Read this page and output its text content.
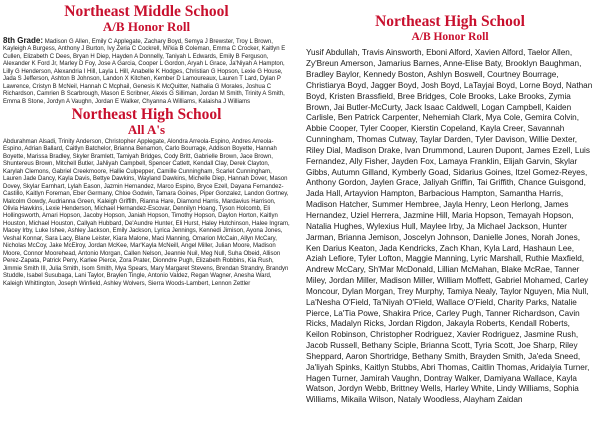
Northeast Middle School
A/B Honor Roll

8th Grade: Madison G Allen, Emily C Applegate, Zachary Boyd, Semya J Brewster, Troy L Brown, Kayleigh A Burgess, Anthony J Burton, Ivy Zeria C Cockrell, Mi'kia B Coleman, Emma C Crocker, Kaitlyn E Cullen, Elizabeth C Dees, Bryan H Diep, Hayden A Donnelly, Taniyah L Edwards, Emily B Ferguson, Alexander K Ford Jr, Marley D Foy, Jose A Garcia, Cooper L Gordon, Aryah L Grace, Ja'Niyah A Hampton, Lilly G Henderson, Alexandria I Hill, Layla L Hill, Anabelle K Hodges, Christian G Hopson, Lexie G House, Jada S Jefferson, Ashton B Johnson, Landon X Kitchen, Kember D Lamoureaux, Lauren T Lard, Dylan P Lawrence, Cristyn B McNeil, Hannah C Mcphail, Genesis K McQuitter, Nathalia G Morales, Joshua C Richardson, Camrien B Scarbrough, Mason E Scribner, Alexis G Silliman, Jordan M Smith, Trinity A Smith, Emma B Stone, Jordyn A Vaughn, Jordan E Walker, Chyanna A Williams, Kalaisha J Williams

Northeast High School
All A's

Abdurahman Alsadi, Trinity Anderson, Christopher Applegate, Alondra Arreola-Espino, Andres Arreola-Espino, Adrian Ballard, Caitlyn Batchelor, Brianna Benamon, Carlo Bourrage, Addison Boyette, Hannah Boyette, Marissa Bradley, Skyler Bramlett, Tamiyah Bridges, Cody Britt, Gabrielle Brown, Jace Brown, Shuntereus Brown, Mitchell Butler, JaNiyah Campbell, Spencer Catlett, Kendall Clay, Derek Clayton, Karylah Clemons, Gabriel Creekmoore, Hallie Culpepper, Camille Cunningham, Scarlet Cunningham, Lauren Jade Dancy, Kayla Davis, Bettye Dawkins, Wayland Dawkins, Michelle Diep, Hannah Dover, Mason Dovey, Skylar Earnhart, Lylah Eason, Jazmin Hernandez, Marco Espino, Bryce Ezell, Dayana Fernandez-Castillo, Kaitlyn Foreman, Eber Germany, Chloe Godwin, Tamara Goines, Piper Gonzalez, Landon Gortney, Malcolm Gowdy, Audrianna Green, Kaleigh Griffith, Rianna Hare, Diamond Harris, Mardavius Harrison, Olivia Hawkins, Lexie Henderson, Michael Hernandez-Escovar, Dennilyn Hoang, Tyson Holcomb, Eli Hollingsworth, Amari Hopson, Jacoby Hopson, Janiah Hopson, Timothy Hopson, Daylon Horton, Kaitlyn Houston, Michael Houston, Callyah Hubbard, De'Aundre Hunter, Eli Hurst, Haley Hutchinson, Halee Ingram, Macey Irby, Luke Ishee, Ashley Jackson, Emily Jackson, Lyrica Jennings, Kennedi Jimison, Ayona Jones, Veshal Konnar, Sara Lacy, Blane Leister, Kiara Malone, Maci Manning, Omarion McCain, Allyn McCary, Nicholas McCoy, Jake McElroy, Jordan McKee, Mar'Kayla McNeill, Angel Miller, Julian Moore, Madison Moore, Connor Moorehead, Antonio Morgan, Callen Nelson, Jeannie Nuil, Meg Null, Suha Obeid, Allison Perez-Zapata, Patrick Perry, Karlee Pierce, Zora Prater, Dionndre Pugh, Elizabeth Robbins, Kia Rush, Jimmie Smith III, Julia Smith, Isom Smith, Mya Spears, Mary Margaret Stevens, Brendan Strandry, Brandyn Studdle, Isabel Susubaga, Lani Taylor, Braylen Tingle, Antonio Valdez, Regan Wagner, Anesha Ward, Kaleigh Whittington, Joseph Winfield, Ashley Wolvers, Sierra Woods-Lambert, Lennon Zettler

Northeast High School
A/B Honor Roll

Yusif Abdullah, Travis Ainsworth, Eboni Alford, Xavien Alford, Taelor Allen, Zy'Breun Amerson, Jamarius Barnes, Anne-Elise Baty, Brooklyn Baughman, Bradley Baylor, Kennedy Boston, Ashlyn Boswell, Courtney Bourrage, Christiarya Boyd, Jagger Boyd, Josh Boyd, LaTayjai Boyd, Lorne Boyd, Nathan Boyd, Kristen Brassfield, Bree Bridges, Cole Brooks, Lake Brooks, Zymia Brown, Jai Butler-McCurty, Jack Isaac Caldwell, Logan Campbell, Kaiden Carlisle, Ben Patrick Carpenter, Nehemiah Clark, Mya Cole, Gemira Colvin, Abbie Cooper, Tyler Cooper, Kierstin Copeland, Kayla Creer, Savannah Cunningham, Thomas Cutway, Taylar Darden, Tyler Davison, Willie Dexter, Riley Dial, Madison Drake, Ivan Drummond, Lauren Dupont, James Ezell, Luis Fernandez, Ally Fisher, Jayden Fox, Lamaya Franklin, Elijah Garvin, Skylar Gibbs, Autumn Gilland, Kymberly Goad, Sidarius Goines, Itzel Gomez-Reyes, Anthony Gordon, Jaylen Grace, Jaliyah Griffin, Tai Griffith, Chance Guisgond, Jada Hall, Artayvion Hampton, Barbacious Hampton, Samantha Harris, Madison Hatcher, Summer Hembree, Jayla Henry, Leon Herlong, James Hernandez, Uziel Herrera, Jazmine Hill, Maria Hopson, Temayah Hopson, Natalia Hughes, Wylexius Hull, Maylee Irby, Ja Michael Jackson, Hunter Jarman, Brianna Jemison, Joscelyn Johnson, Danielle Jones, Norah Jones, Ken Darius Keaton, Jada Kendricks, Zach Khan, Kyla Lard, Hashaun Lee, Aziah Lefiore, Tyler Lofton, Maggie Manning, Lyric Marshall, Ruthie Maxfield, Andrew McCary, Sh'Mar McDonald, Lillian McMahan, Blake McRae, Tanner Miley, Jordan Miller, Madison Miller, William Moffett, Gabriel Mohamed, Carley Moncour, Dylan Morgan, Trey Murphy, Tamiya Nealy, Taylor Nguyen, Mia Null, La'Nesha O'Field, Ta'Niyah O'Field, Wallace O'Field, Charity Parks, Natalie Pierce, La'Tia Powe, Shakira Price, Carley Pugh, Tanner Richardson, Cavin Ricks, Madalyn Ricks, Jordan Rigdon, Jakayla Roberts, Kendall Roberts, Keilon Robinson, Christopher Rodriguez, Xavier Rodriguez, Jasmine Rush, Jacob Russell, Bethany Sciple, Brianna Scott, Tyria Scott, Joe Sharp, Riley Sheppard, Aaron Shortridge, Bethany Smith, Brayden Smith, Ja'eda Sneed, Ja'liyah Spinks, Kaitlyn Stubbs, Abri Thomas, Caitlin Thomas, Aridaiyia Turner, Hagen Turner, Jamirah Vaughn, Dontray Walker, Damiyana Wallace, Kayla Watson, Jordyn Webb, Brittney Wells, Harley White, Lindy Williams, Sophia Williams, Mikaila Wilson, Nataly Woodless, Alayham Zaidan
